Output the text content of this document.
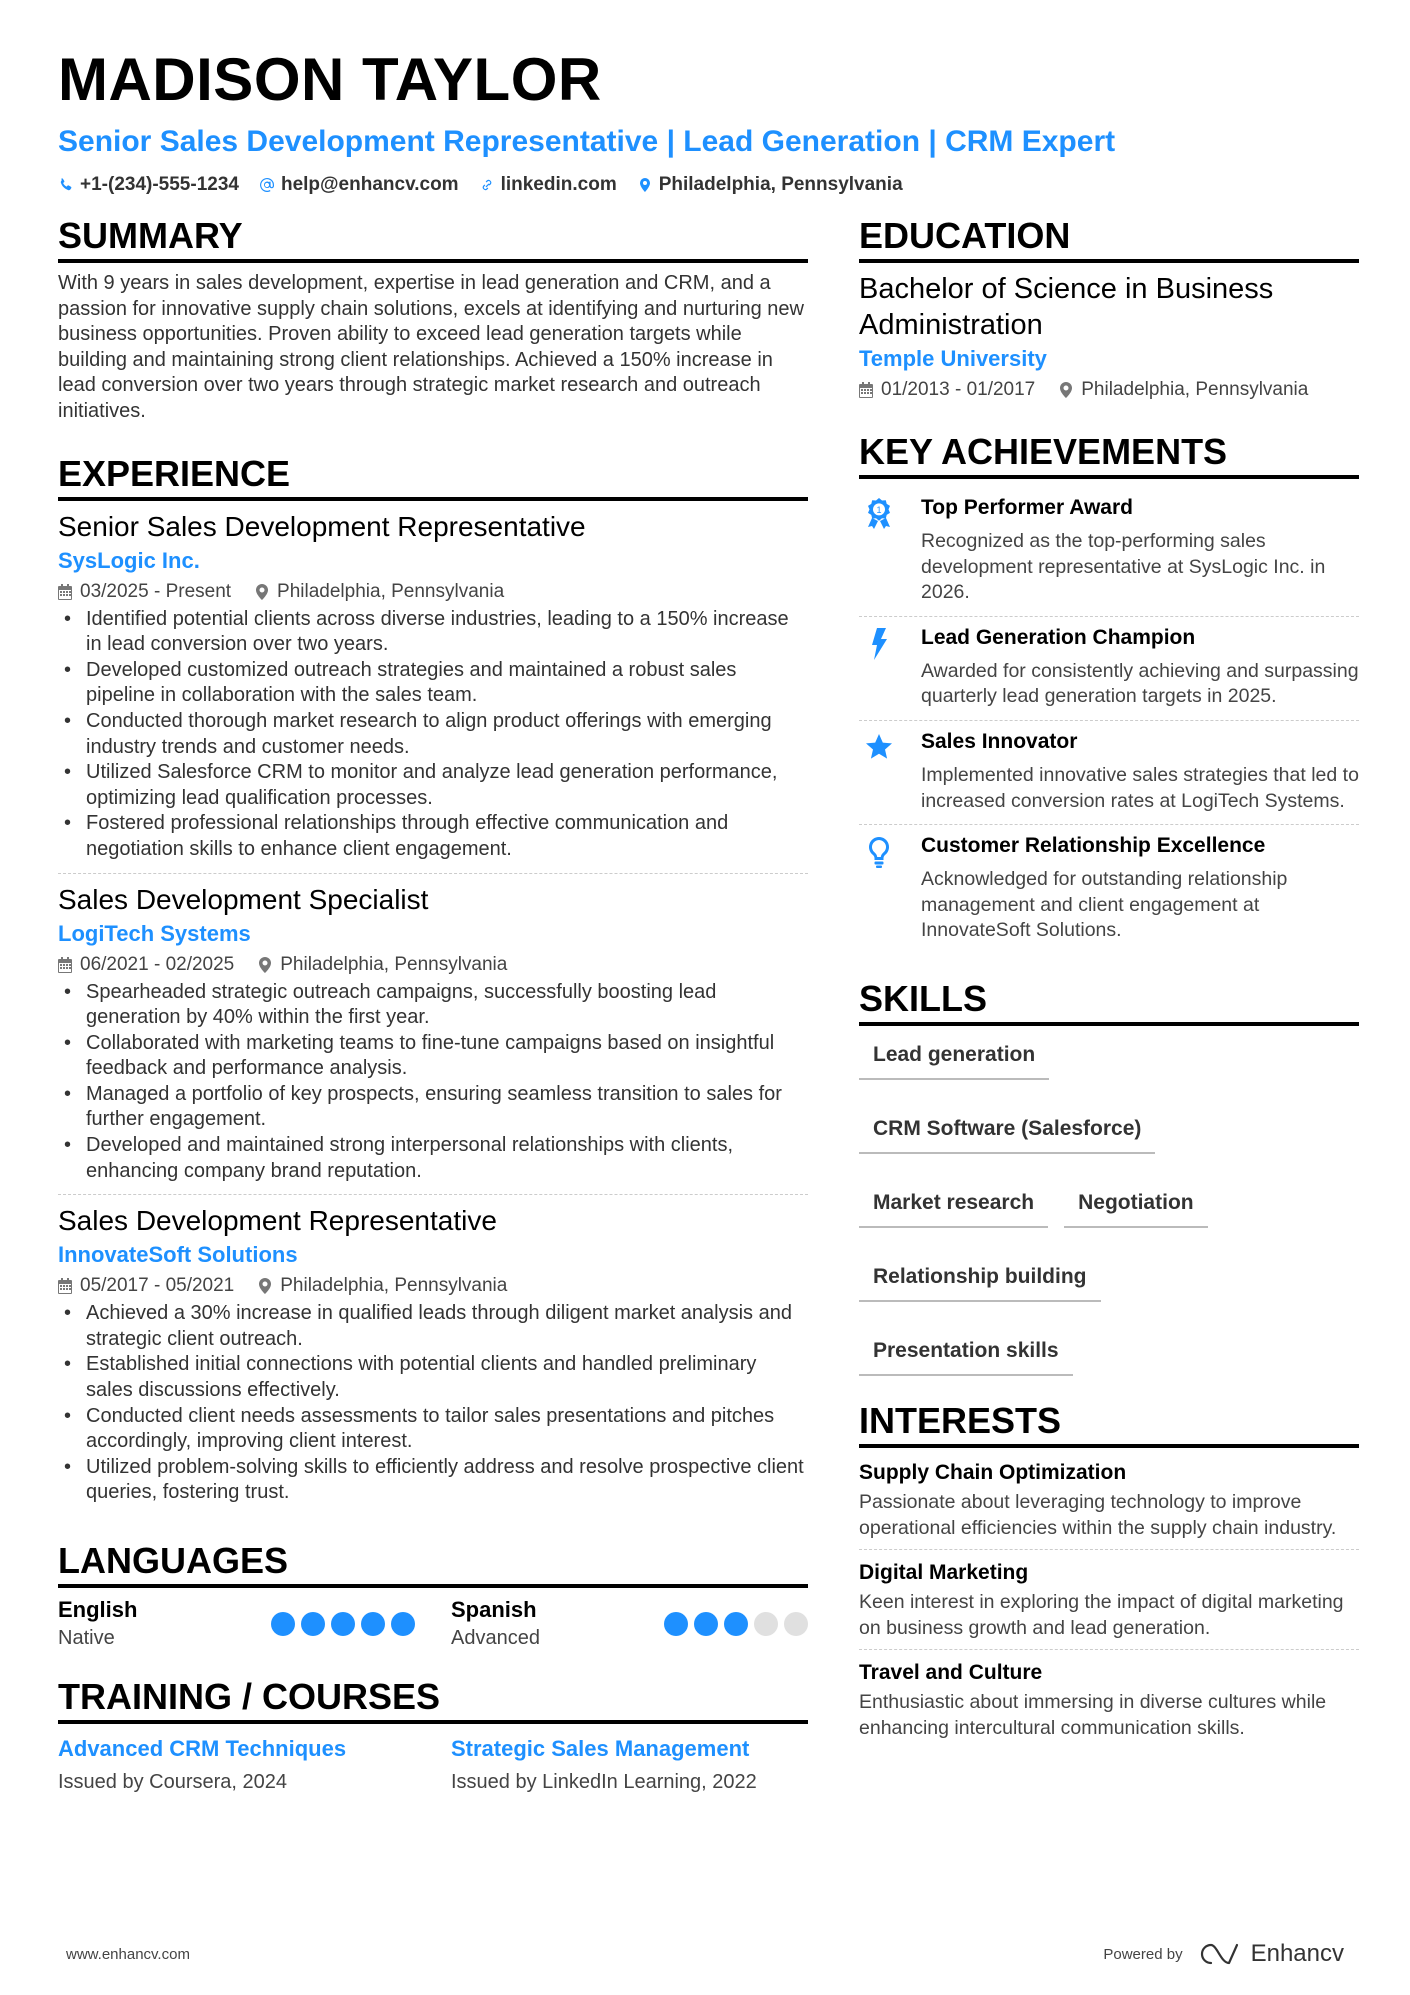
MADISON TAYLOR
Senior Sales Development Representative | Lead Generation | CRM Expert
+1-(234)-555-1234 help@enhancv.com linkedin.com Philadelphia, Pennsylvania
SUMMARY

With 9 years in sales development, expertise in lead generation and CRM, and a passion for innovative supply chain solutions, excels at identifying and nurturing new business opportunities. Proven ability to exceed lead generation targets while building and maintaining strong client relationships. Achieved a 150% increase in lead conversion over two years through strategic market research and outreach initiatives.

EXPERIENCE
Senior Sales Development Representative
SysLogic Inc.
03/2025 - Present Philadelphia, Pennsylvania
• Identified potential clients across diverse industries, leading to a 150% increase in lead conversion over two years.
• Developed customized outreach strategies and maintained a robust sales pipeline in collaboration with the sales team.
• Conducted thorough market research to align product offerings with emerging industry trends and customer needs.
• Utilized Salesforce CRM to monitor and analyze lead generation performance, optimizing lead qualification processes.
• Fostered professional relationships through effective communication and negotiation skills to enhance client engagement.
Sales Development Specialist
LogiTech Systems
06/2021 - 02/2025 Philadelphia, Pennsylvania
• Spearheaded strategic outreach campaigns, successfully boosting lead generation by 40% within the first year.
• Collaborated with marketing teams to fine-tune campaigns based on insightful feedback and performance analysis.
• Managed a portfolio of key prospects, ensuring seamless transition to sales for further engagement.
• Developed and maintained strong interpersonal relationships with clients, enhancing company brand reputation.
Sales Development Representative
InnovateSoft Solutions
05/2017 - 05/2021 Philadelphia, Pennsylvania
• Achieved a 30% increase in qualified leads through diligent market analysis and strategic client outreach.
• Established initial connections with potential clients and handled preliminary sales discussions effectively.
• Conducted client needs assessments to tailor sales presentations and pitches accordingly, improving client interest.
• Utilized problem-solving skills to efficiently address and resolve prospective client queries, fostering trust.
LANGUAGES
English
Native
Spanish
Advanced
TRAINING / COURSES
Advanced CRM Techniques
Issued by Coursera, 2024
Strategic Sales Management
Issued by LinkedIn Learning, 2022
EDUCATION
Bachelor of Science in Business Administration
Temple University
01/2013 - 01/2017 Philadelphia, Pennsylvania
KEY ACHIEVEMENTS
1 Top Performer Award
Recognized as the top-performing sales development representative at SysLogic Inc. in 2026.
Lead Generation Champion
Awarded for consistently achieving and surpassing quarterly lead generation targets in 2025.
Sales Innovator
Implemented innovative sales strategies that led to increased conversion rates at LogiTech Systems.
Customer Relationship Excellence
Acknowledged for outstanding relationship management and client engagement at InnovateSoft Solutions.
SKILLS
Lead generation
CRM Software (Salesforce)
Market research	Negotiation
Relationship building
Presentation skills
INTERESTS
Supply Chain Optimization
Passionate about leveraging technology to improve operational efficiencies within the supply chain industry.
Digital Marketing
Keen interest in exploring the impact of digital marketing on business growth and lead generation.
Travel and Culture
Enthusiastic about immersing in diverse cultures while enhancing intercultural communication skills.
www.enhancv.com	Powered by	Enhancv
